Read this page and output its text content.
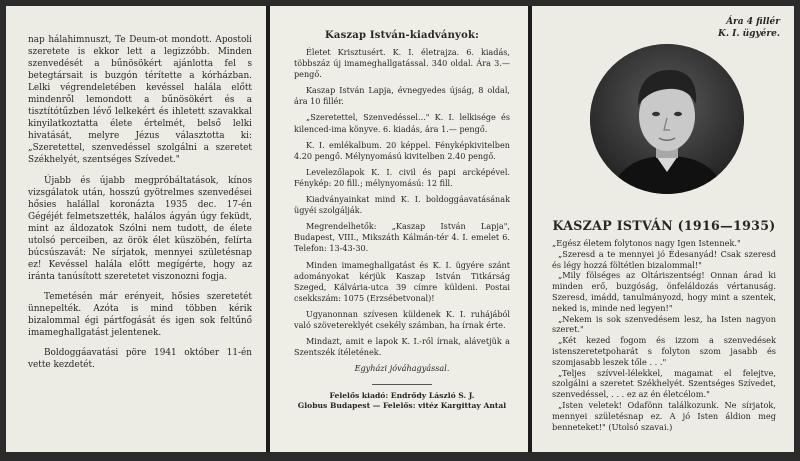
nap hálahimnuszt, Te Deum-ot mondott. Apostoli szeretete is ekkor lett a legizzóbb. Minden szenvedését a bűnösökért ajánlotta fel s betegtársait is buzgón térítette a kórházban. Lelki végrendeletében kevéssel halála előtt mindenről lemondott a bűnösökért és a tisztítótűzben lévő lelkekért és ihletett szavakkal kinyilatkoztatta élete értelmét, belső lelki hivatását, melyre Jézus választotta ki: „Szeretettel, szenvedéssel szolgálni a szeretet Székhelyét, szentséges Szívedet."

Újabb és újabb megpróbáltatások, kínos vizsgálatok után, hosszú gyötrelmes szenvedései hősies halállal koronázta 1935 dec. 17-én Gégéjét felmetszették, halálos ágyán úgy feküdt, mint az áldozatok Szólni nem tudott, de élete utolsó perceiben, az örök élet küszöbén, felírta búcsúszavát: Ne sírjatok, mennyei születésnap ez! Kevéssel halála előtt megígérte, hogy az iránta tanúsított szeretetet viszonozni fogja.

Temetésén már erényeit, hősies szeretetét ünnepelték. Azóta is mind többen kérik bizalommal égi pártfogását és igen sok feltűnő imameghallgatást jelentenek.

Boldoggáavatási pöre 1941 október 11-én vette kezdetét.

Kaszap István-kiadványok:

Életet Krisztusért. K. I. életrajza. 6. kiadás, többszáz új imameghallgatással. 340 oldal. Ára 3.— pengő.

Kaszap István Lapja, évnegyedes újság, 8 oldal, ára 10 fillér.

„Szeretettel, Szenvedéssel..." K. I. lelkisége és kilenced-ima könyve. 6. kiadás, ára 1.— pengő.

K. I. emlékalbum. 20 képpel. Fényképkivitelben 4.20 pengő. Mélynyomású kivitelben 2.40 pengő.

Levelezőlapok K. I. civil és papi arcképével. Fénykép: 20 fill.; mélynyomású: 12 fill.

Kiadványainkat mind K. I. boldoggáavatásának ügyéi szolgálják.

Megrendelhetők: „Kaszap István Lapja", Budapest, VIII., Mikszáth Kálmán-tér 4. I. emelet 6. Telefon: 13-43-30.

Minden imameghallgatást és K. I. ügyére szánt adományokat kérjük Kaszap István Titkárság Szeged, Kálvária-utca 39 címre küldeni. Postai csekkszám: 1075 (Erzsébetvonal)!

Ugyanonnan szívesen küldenek K. I. ruhájából való szövetereklyét csekély számban, ha írnak érte.

Mindazt, amit e lapok K. I.-ről írnak, alávetjük a Szentszék ítéletének.

Egyházi jóváhagyással.

Felelős kiadó: Endrődy László S. J.

Globus Budapest — Felelős: vitéz Kargittay Antal

Ára 4 fillér
K. I. ügyére.
KASZAP ISTVÁN (1916—1935)

„Egész életem folytonos nagy Igen Istennek."

„Szeresd a te mennyei jó Édesanyád! Csak szeresd és légy hozzá föltétlen bizalommal!"

„Mily fölséges az Oltáriszentség! Onnan árad ki minden erő, buzgóság, önfeláldozás vértanuság. Szeresd, imádd, tanulmányozd, hogy mint a szentek, neked is, minde ned legyen!"

„Nekem is sok szenvedésem lesz, ha Isten nagyon szeret."

„Két kezed fogom és izzom a szenvedések istenszeretetpoharát s folyton szom jasabb és szomjasabb leszek tőle . . ."

„Teljes szívvel-lélekkel, magamat el felejtve, szolgálni a szeretet Székhelyét. Szentséges Szívedet, szenvedéssel, . . . ez az én életcélom."

„Isten veletek! Odafönn találkozunk. Ne sírjatok, mennyei születésnap ez. A jó Isten áldion meg benneteket!" (Utolsó szavai.)
